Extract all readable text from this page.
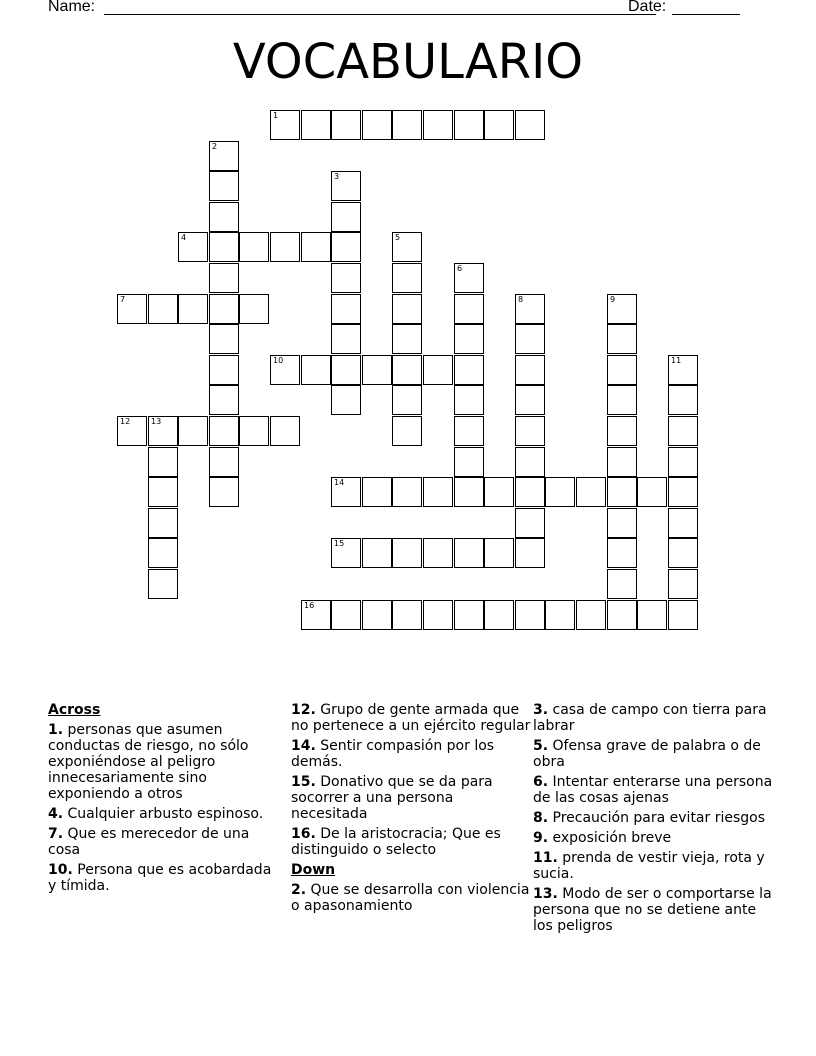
Name:	Date:
VOCABULARIO
1
2
3
4	5
6
7	8	9
10	11
12	13
14
15
16
Across
1. personas que asumen conductas de riesgo, no sólo exponiéndose al peligro innecesariamente sino exponiendo a otros
4. Cualquier arbusto espinoso.
7. Que es merecedor de una cosa
10. Persona que es acobardada y tímida.
12. Grupo de gente armada que no pertenece a un ejército regular
14. Sentir compasión por los demás.
15. Donativo que se da para socorrer a una persona necesitada
16. De la aristocracia; Que es distinguido o selecto
Down
2. Que se desarrolla con violencia o apasonamiento
3. casa de campo con tierra para labrar
5. Ofensa grave de palabra o de obra
6. Intentar enterarse una persona de las cosas ajenas
8. Precaución para evitar riesgos
9. exposición breve
11. prenda de vestir vieja, rota y sucia.
13. Modo de ser o comportarse la persona que no se detiene ante los peligros
